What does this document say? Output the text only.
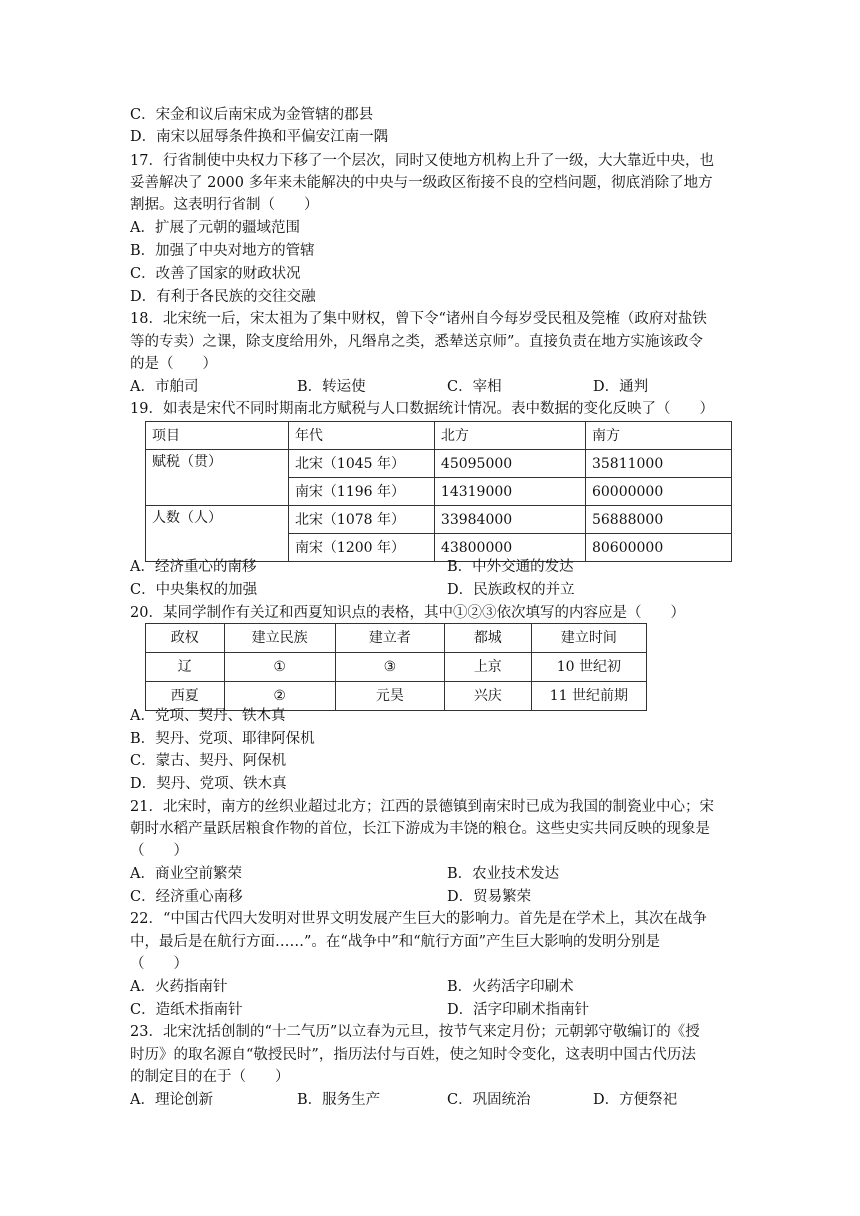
C．宋金和议后南宋成为金管辖的郡县
D．南宋以屈辱条件换和平偏安江南一隅
17．行省制使中央权力下移了一个层次，同时又使地方机构上升了一级，大大靠近中央，也
妥善解决了 2000 多年来未能解决的中央与一级政区衔接不良的空档问题，彻底消除了地方
割据。这表明行省制（　　）
A．扩展了元朝的疆域范围
B．加强了中央对地方的管辖
C．改善了国家的财政状况
D．有利于各民族的交往交融
18．北宋统一后，宋太祖为了集中财权，曾下令“诸州自今每岁受民租及筦榷（政府对盐铁
等的专卖）之课，除支度给用外，凡缗帛之类，悉辇送京师”。直接负责在地方实施该政令
的是（　　）
A．市舶司	B．转运使	C．宰相	D．通判
19．如表是宋代不同时期南北方赋税与人口数据统计情况。表中数据的变化反映了（　　）
项目	年代	北方	南方
赋税（贯）	北宋（1045 年）	45095000	35811000
	南宋（1196 年）	14319000	60000000
人数（人）	北宋（1078 年）	33984000	56888000
	南宋（1200 年）	43800000	80600000
A．经济重心的南移	B．中外交通的发达
C．中央集权的加强	D．民族政权的并立
20．某同学制作有关辽和西夏知识点的表格，其中①②③依次填写的内容应是（　　）
政权	建立民族	建立者	都城	建立时间
辽	①	③	上京	10 世纪初
西夏	②	元昊	兴庆	11 世纪前期
A．党项、契丹、铁木真
B．契丹、党项、耶律阿保机
C．蒙古、契丹、阿保机
D．契丹、党项、铁木真
21．北宋时，南方的丝织业超过北方；江西的景德镇到南宋时已成为我国的制瓷业中心；宋
朝时水稻产量跃居粮食作物的首位，长江下游成为丰饶的粮仓。这些史实共同反映的现象是
（　　）
A．商业空前繁荣	B．农业技术发达
C．经济重心南移	D．贸易繁荣
22．“中国古代四大发明对世界文明发展产生巨大的影响力。首先是在学术上，其次在战争
中，最后是在航行方面……”。在“战争中”和“航行方面”产生巨大影响的发明分别是
（　　）
A．火药指南针	B．火药活字印刷术
C．造纸术指南针	D．活字印刷术指南针
23．北宋沈括创制的“十二气历”以立春为元旦，按节气来定月份；元朝郭守敬编订的《授
时历》的取名源自“敬授民时”，指历法付与百姓，使之知时令变化，这表明中国古代历法
的制定目的在于（　　）
A．理论创新	B．服务生产	C．巩固统治	D．方便祭祀
